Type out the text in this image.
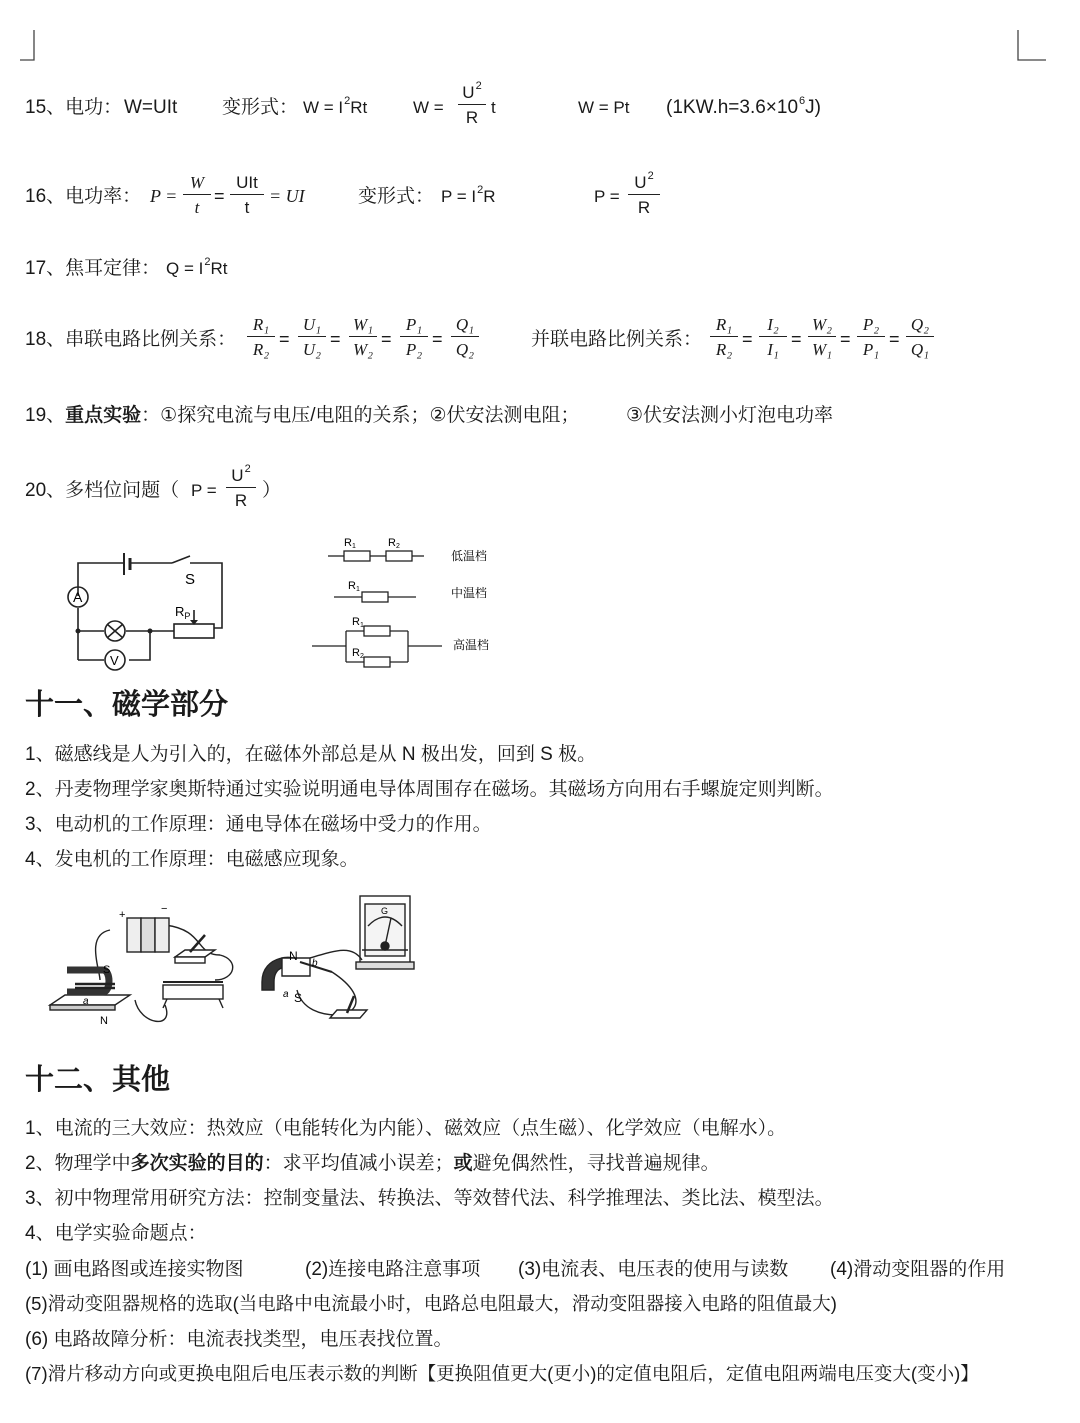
15、电功： W=UIt 变形式： $W = I^2Rt$	W =
$U^2$
R
t	W = Pt $(1KW.h=3.6\times 10^6J)$
16、电功率： P =
W
t
=
UIt
t
= UI	变形式： $P = I^2R$	P =
$U^2$
R
17、焦耳定律： $Q = I^2Rt$
18、串联电路比例关系：
R₁
R₂
=
U₁
U₂
=
W₁
W₂
=
P₁
P₂
=
Q₁
Q₂	并联电路比例关系：
R₁
R₂
=
I₂
I₁
=
W₂
W₁
=
P₂
P₁
=
Q₂
Q₁
19、重点实验：①探究电流与电压/电阻的关系；②伏安法测电阻； ③伏安法测小灯泡电功率
20、多档位问题（ P =
$U^2$
R ）
A
V
S
$R_P$
R1	R2
R1
R1
R2
低温档
中温档
高温档
十一、磁学部分
1、磁感线是人为引入的，在磁体外部总是从 N 极出发，回到 S 极。
2、丹麦物理学家奥斯特通过实验说明通电导体周围存在磁场。其磁场方向用右手螺旋定则判断。
3、电动机的工作原理：通电导体在磁场中受力的作用。
4、发电机的工作原理：电磁感应现象。
S
N
+	−
a
N
S
a
b
G
十二、其他
1、电流的三大效应：热效应（电能转化为内能）、磁效应（点生磁）、化学效应（电解水）。
2、物理学中多次实验的目的：求平均值减小误差；或避免偶然性，寻找普遍规律。
3、初中物理常用研究方法：控制变量法、转换法、等效替代法、科学推理法、类比法、模型法。
4、电学实验命题点：
(1) 画电路图或连接实物图	(2)连接电路注意事项 (3)电流表、电压表的使用与读数 (4)滑动变阻器的作用
(5)滑动变阻器规格的选取(当电路中电流最小时，电路总电阻最大，滑动变阻器接入电路的阻值最大)
(6) 电路故障分析：电流表找类型，电压表找位置。
(7)滑片移动方向或更换电阻后电压表示数的判断【更换阻值更大(更小)的定值电阻后，定值电阻两端电压变大(变小)】
